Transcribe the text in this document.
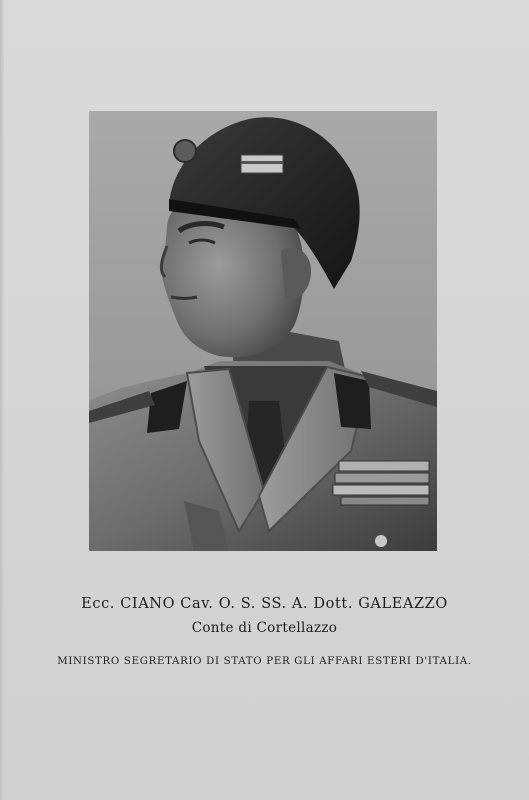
Ecc. CIANO Cav. O. S. SS. A. Dott. GALEAZZO
Conte di Cortellazzo
MINISTRO SEGRETARIO DI STATO PER GLI AFFARI ESTERI D'ITALIA.
